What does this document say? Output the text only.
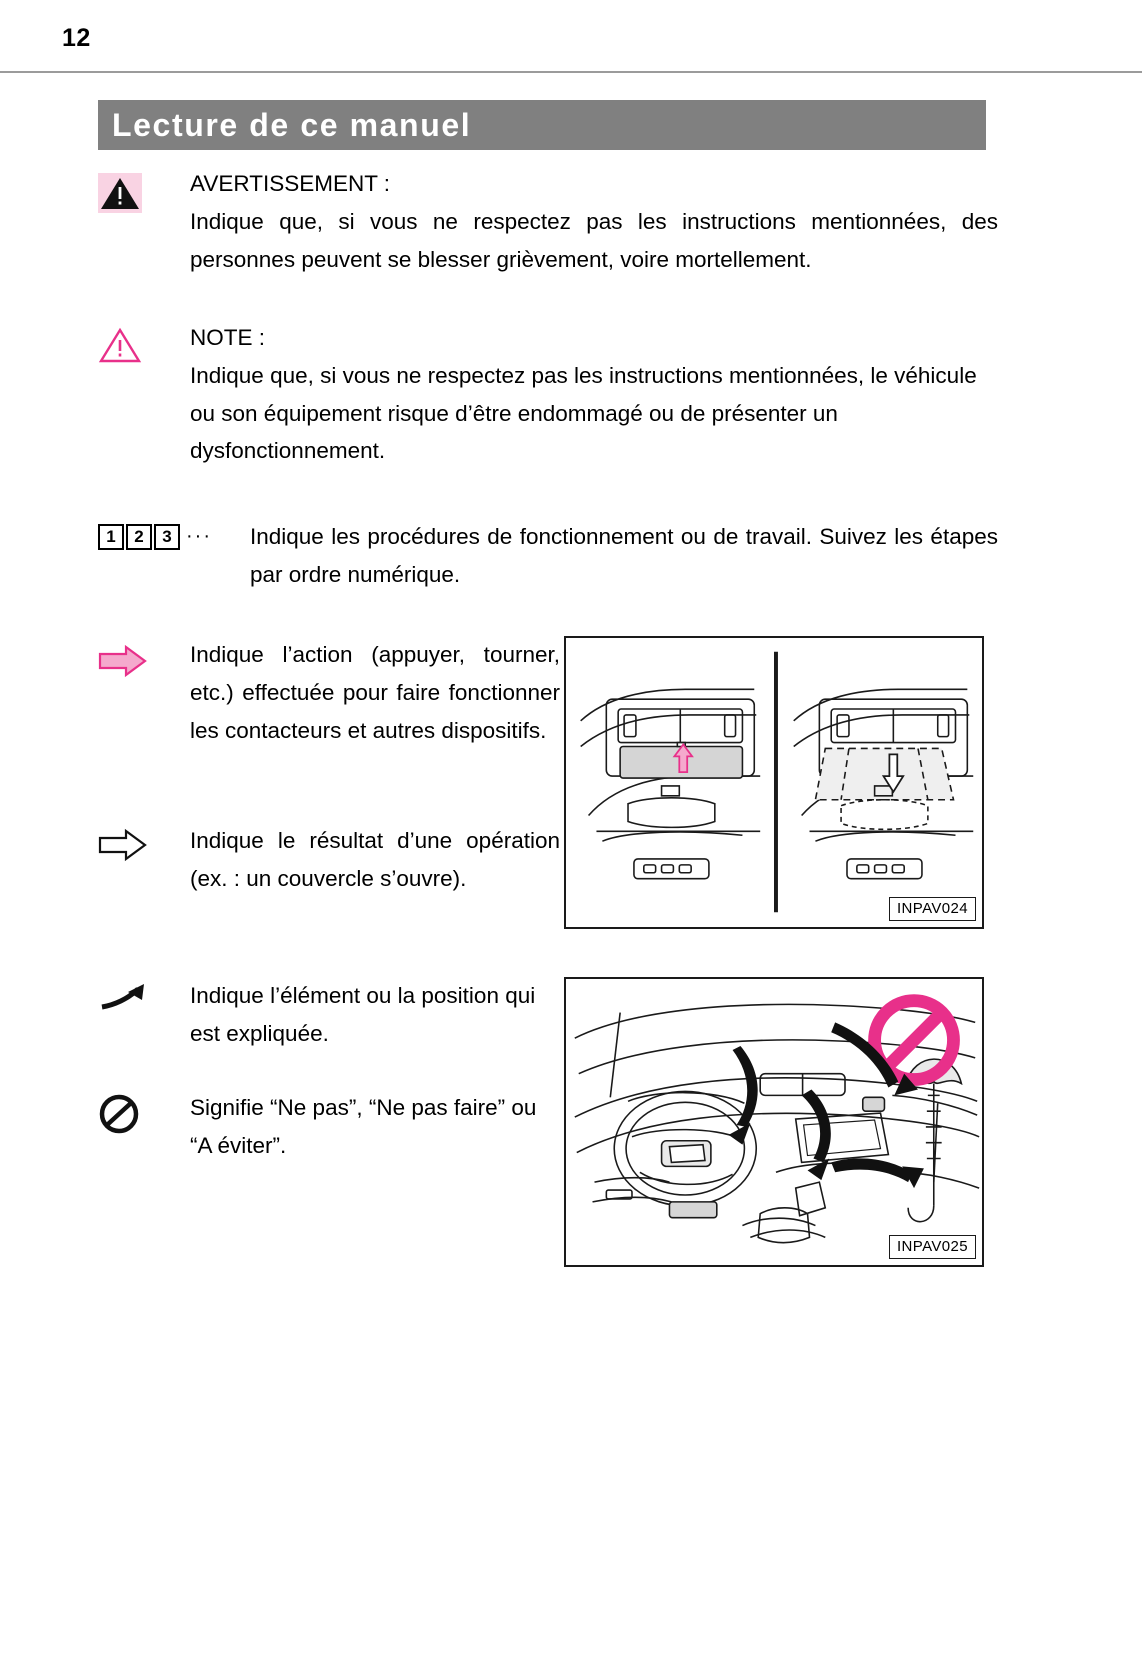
12
Lecture de ce manuel
AVERTISSEMENT :
Indique que, si vous ne respectez pas les instructions mentionnées, des personnes peuvent se blesser grièvement, voire mortellement.
NOTE :
Indique que, si vous ne respectez pas les instructions mentionnées, le véhicule ou son équipement risque d’être endommagé ou de présenter un dysfonctionnement.
1	2	3 ··· Indique les procédures de fonctionnement ou de travail. Suivez les étapes par ordre numérique.
Indique l’action (appuyer, tourner, etc.) effectuée pour faire fonctionner les contacteurs et autres dispositifs.
Indique le résultat d’une opération (ex. : un couvercle s’ouvre).
INPAV024
Indique l’élément ou la position qui est expliquée.
Signifie “Ne pas”, “Ne pas faire” ou “A éviter”.
INPAV025
